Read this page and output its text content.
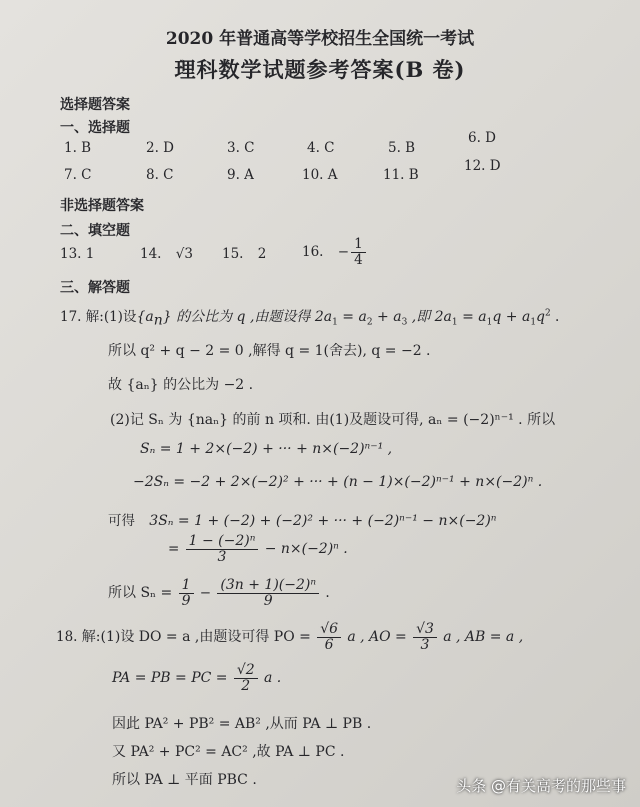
2020 年普通高等学校招生全国统一考试
理科数学试题参考答案(B 卷)
选择题答案
一、选择题
1. B	2. D	3. C	4. C	5. B
6. D
7. C	8. C	9. A	10. A	11. B
12. D
非选择题答案
二、填空题
13. 1	14. √3 15. 2	16. − $\frac{1}{4}$
三、解答题
17. 解:(1)设$\{a_n\}$ 的公比为 q ,由题设得 $2a_1 = a_2 + a_3$ ,即 $2a_1 = a_1q + a_1q^2$ .
所以 q² + q − 2 = 0 ,解得 q = 1(舍去), q = −2 .
故 {aₙ} 的公比为 −2 .
(2)记 Sₙ 为 {naₙ} 的前 n 项和. 由(1)及题设可得, aₙ = (−2)ⁿ⁻¹ . 所以
Sₙ = 1 + 2×(−2) + ··· + n×(−2)ⁿ⁻¹ ,
−2Sₙ = −2 + 2×(−2)² + ··· + (n − 1)×(−2)ⁿ⁻¹ + n×(−2)ⁿ .
可得 3Sₙ = 1 + (−2) + (−2)² + ··· + (−2)ⁿ⁻¹ − n×(−2)ⁿ
= $\frac{\text{1 − (−2)ⁿ}}{3} - n\times(-2)^n$ .
所以 $S_n = \frac{1}{9} - \frac{\text{(3n + 1)(−2)ⁿ}}{9}$ .
18. 解:(1)设 DO = a ,由题设可得 PO = $\frac{√6}{6}$ a , AO = $\frac{√3}{3}$ a , AB = a ,
PA = PB = PC = $\frac{√2}{2}$ a .
因此 PA² + PB² = AB² ,从而 PA ⊥ PB .
又 PA² + PC² = AC² ,故 PA ⊥ PC .
所以 PA ⊥ 平面 PBC .	头条 @有关高考的那些事
